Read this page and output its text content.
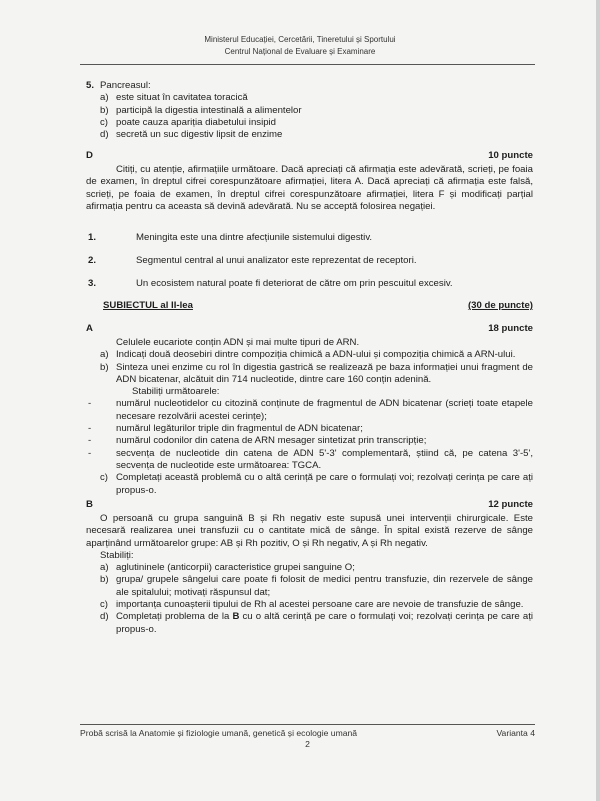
Ministerul Educației, Cercetării, Tineretului și Sportului
Centrul Național de Evaluare și Examinare
5. Pancreasul:
a) este situat în cavitatea toracică
b) participă la digestia intestinală a alimentelor
c) poate cauza apariția diabetului insipid
d) secretă un suc digestiv lipsit de enzime
D	10 puncte
Citiți, cu atenție, afirmațiile următoare. Dacă apreciați că afirmația este adevărată, scrieți, pe foaia de examen, în dreptul cifrei corespunzătoare afirmației, litera A. Dacă apreciați că afirmația este falsă, scrieți, pe foaia de examen, în dreptul cifrei corespunzătoare afirmației, litera F și modificați parțial afirmația pentru ca aceasta să devină adevărată. Nu se acceptă folosirea negației.
1.	Meningita este una dintre afecțiunile sistemului digestiv.
2.	Segmentul central al unui analizator este reprezentat de receptori.
3.	Un ecosistem natural poate fi deteriorat de către om prin pescuitul excesiv.
SUBIECTUL al II-lea	(30 de puncte)
A	18 puncte
Celulele eucariote conțin ADN și mai multe tipuri de ARN.
a) Indicați două deosebiri dintre compoziția chimică a ADN-ului și compoziția chimică a ARN-ului.
b) Sinteza unei enzime cu rol în digestia gastrică se realizează pe baza informației unui fragment de ADN bicatenar, alcătuit din 714 nucleotide, dintre care 160 conțin adenină.
Stabiliți următoarele:
-	numărul nucleotidelor cu citozină conținute de fragmentul de ADN bicatenar (scrieți toate etapele necesare rezolvării acestei cerințe);
-	numărul legăturilor triple din fragmentul de ADN bicatenar;
-	numărul codonilor din catena de ARN mesager sintetizat prin transcripție;
-	secvența de nucleotide din catena de ADN 5'-3' complementară, știind că, pe catena 3'-5', secvența de nucleotide este următoarea: TGCA.
c) Completați această problemă cu o altă cerință pe care o formulați voi; rezolvați cerința pe care ați propus-o.
B	12 puncte
O persoană cu grupa sanguină B și Rh negativ este supusă unei intervenții chirurgicale. Este necesară realizarea unei transfuzii cu o cantitate mică de sânge. În spital există rezerve de sânge aparținând următoarelor grupe: AB și Rh pozitiv, O și Rh negativ, A și Rh negativ.
Stabiliți:
a) aglutininele (anticorpii) caracteristice grupei sanguine O;
b) grupa/ grupele sângelui care poate fi folosit de medici pentru transfuzie, din rezervele de sânge ale spitalului; motivați răspunsul dat;
c) importanța cunoașterii tipului de Rh al acestei persoane care are nevoie de transfuzie de sânge.
d) Completați problema de la B cu o altă cerință pe care o formulați voi; rezolvați cerința pe care ați propus-o.
Probă scrisă la Anatomie și fiziologie umană, genetică și ecologie umană	Varianta 4
2
